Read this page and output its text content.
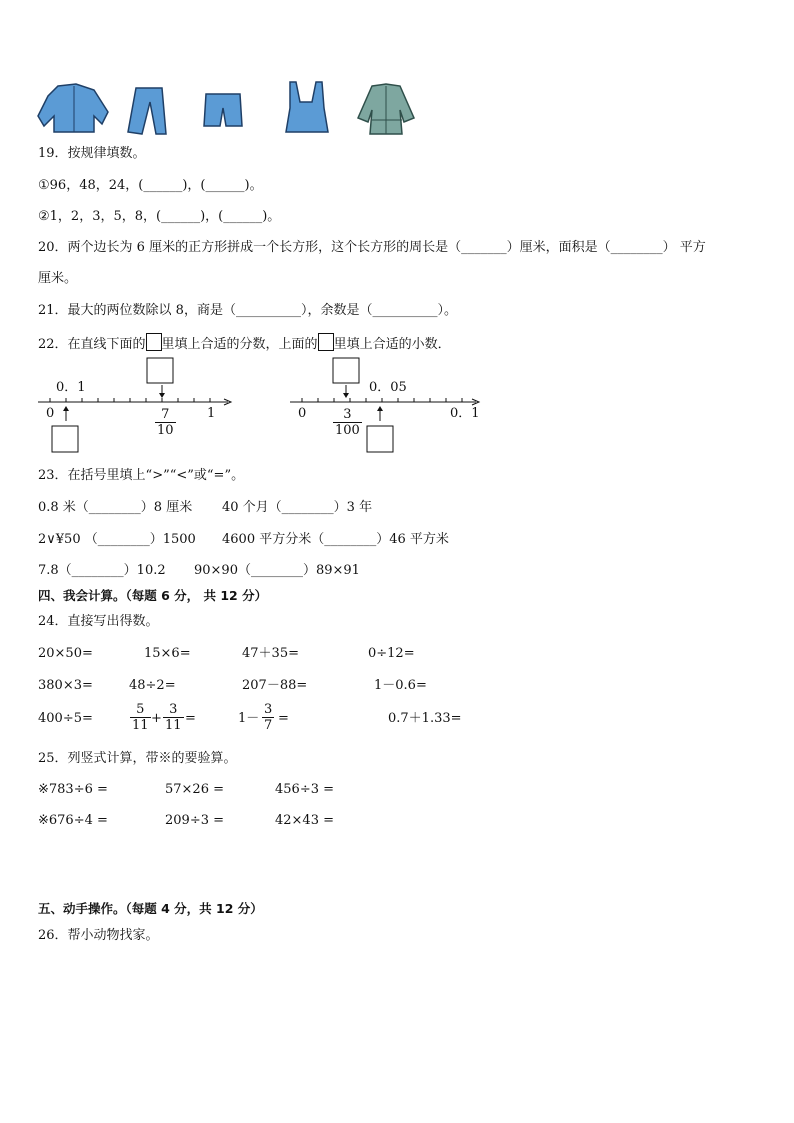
19．按规律填数。
①96，48，24，(______)，(______)。
②1，2，3，5，8，(______)，(______)。
20．两个边长为 6 厘米的正方形拼成一个长方形，这个长方形的周长是（_______）厘米，面积是（________） 平方
厘米。
21．最大的两位数除以 8，商是（__________），余数是（__________）。
22．在直线下面的 里填上合适的分数，上面的 里填上合适的小数．
0．1
0	1
$\frac{7}{10}$
0．05
0	0．1
$\frac{3}{100}$
23．在括号里填上“>”“<”或“=”。
0.8 米（________）8 厘米 40 个月（________）3 年
2∨¥50 （________）1500 4600 平方分米（________）46 平方米
7.8（________）10.2 90×90（________）89×91
四、我会计算。（每题 6 分， 共 12 分）
24．直接写出得数。
20×50=	15×6=	47＋35=	0÷12=
380×3=	48÷2=	207－88=	1－0.6=
400÷5=	$\frac{5}{11} + \frac{3}{11}$ =	$1- \frac{3}{7}$ =	0.7＋1.33=
25．列竖式计算，带※的要验算。
※783÷6 =	57×26 =	456÷3 =
※676÷4 =	209÷3 =	42×43 =
五、动手操作。（每题 4 分，共 12 分）
26．帮小动物找家。
